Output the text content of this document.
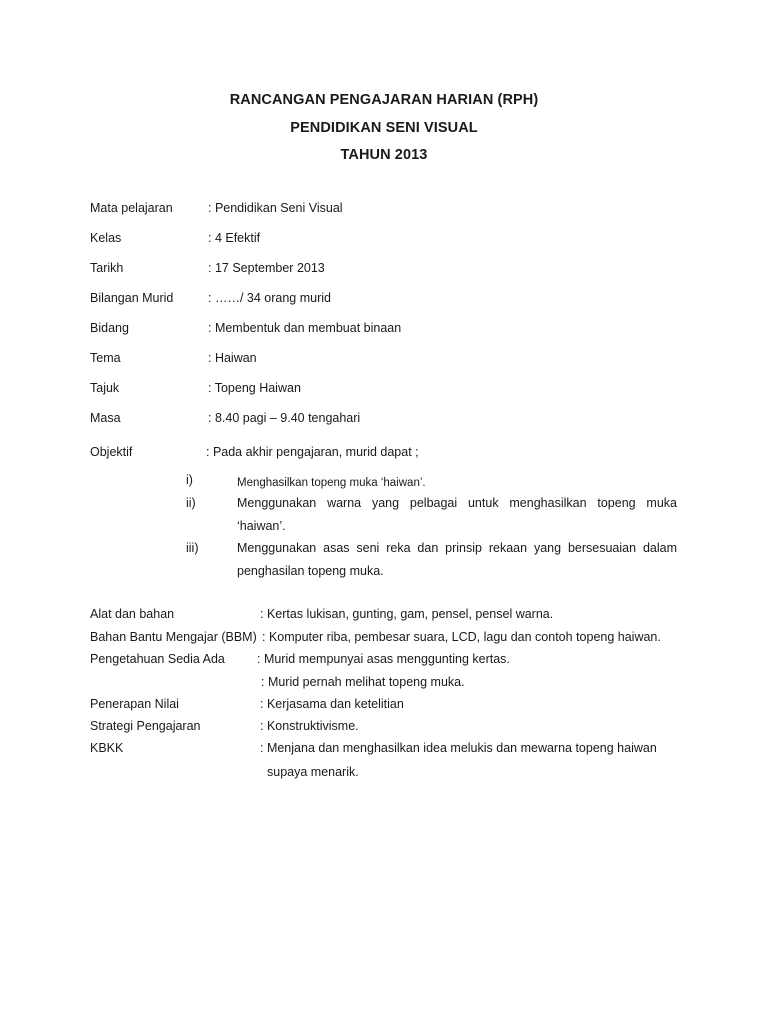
RANCANGAN PENGAJARAN HARIAN (RPH)
PENDIDIKAN SENI VISUAL
TAHUN 2013
Mata pelajaran	: Pendidikan Seni Visual
Kelas	: 4 Efektif
Tarikh	: 17 September 2013
Bilangan Murid	: ……/ 34 orang murid
Bidang	: Membentuk dan membuat binaan
Tema	: Haiwan
Tajuk	: Topeng Haiwan
Masa	: 8.40 pagi – 9.40 tengahari
Objektif	: Pada akhir pengajaran, murid dapat ;
i)	Menghasilkan topeng muka ‘haiwan’.
ii)	Menggunakan warna yang pelbagai untuk menghasilkan topeng muka ‘haiwan’.
iii)	Menggunakan asas seni reka dan prinsip rekaan yang bersesuaian dalam penghasilan topeng muka.
Alat dan bahan	: Kertas lukisan, gunting, gam, pensel, pensel warna.
Bahan Bantu Mengajar (BBM) : Komputer riba, pembesar suara, LCD, lagu dan contoh topeng haiwan.
Pengetahuan Sedia Ada	: Murid mempunyai asas menggunting kertas.
: Murid pernah melihat topeng muka.
Penerapan Nilai	: Kerjasama dan ketelitian
Strategi Pengajaran	: Konstruktivisme.
KBKK	: Menjana dan menghasilkan idea melukis dan mewarna topeng haiwan
supaya menarik.
